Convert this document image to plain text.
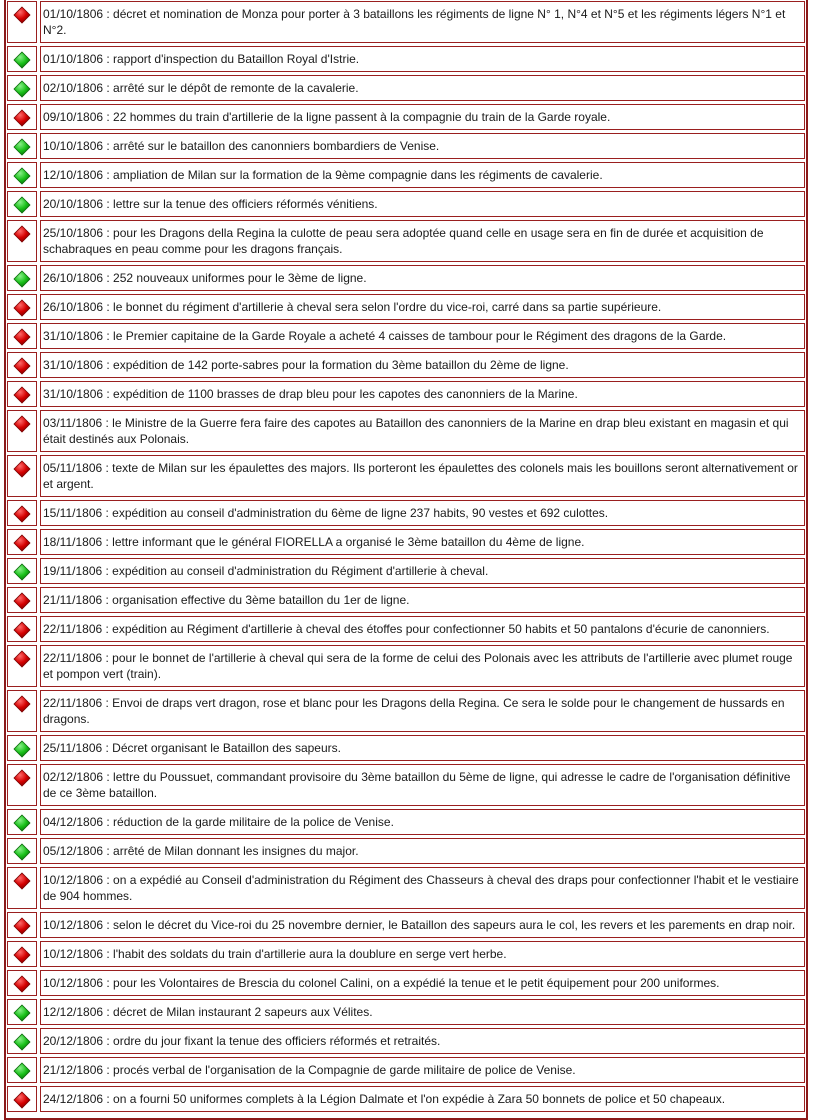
01/10/1806 : décret et nomination de Monza pour porter à 3 bataillons les régiments de ligne N° 1, N°4 et N°5 et les régiments légers N°1 et N°2.
01/10/1806 : rapport d'inspection du Bataillon Royal d'Istrie.
02/10/1806 : arrêté sur le dépôt de remonte de la cavalerie.
09/10/1806 : 22 hommes du train d'artillerie de la ligne passent à la compagnie du train de la Garde royale.
10/10/1806 : arrêté sur le bataillon des canonniers bombardiers de Venise.
12/10/1806 : ampliation de Milan sur la formation de la 9ème compagnie dans les régiments de cavalerie.
20/10/1806 : lettre sur la tenue des officiers réformés vénitiens.
25/10/1806 : pour les Dragons della Regina la culotte de peau sera adoptée quand celle en usage sera en fin de durée et acquisition de schabraques en peau comme pour les dragons français.
26/10/1806 : 252 nouveaux uniformes pour le 3ème de ligne.
26/10/1806 : le bonnet du régiment d'artillerie à cheval sera selon l'ordre du vice-roi, carré dans sa partie supérieure.
31/10/1806 : le Premier capitaine de la Garde Royale a acheté 4 caisses de tambour pour le Régiment des dragons de la Garde.
31/10/1806 : expédition de 142 porte-sabres pour la formation du 3ème bataillon du 2ème de ligne.
31/10/1806 : expédition de 1100 brasses de drap bleu pour les capotes des canonniers de la Marine.
03/11/1806 : le Ministre de la Guerre fera faire des capotes au Bataillon des canonniers de la Marine en drap bleu existant en magasin et qui était destinés aux Polonais.
05/11/1806 : texte de Milan sur les épaulettes des majors. Ils porteront les épaulettes des colonels mais les bouillons seront alternativement or et argent.
15/11/1806 : expédition au conseil d'administration du 6ème de ligne 237 habits, 90 vestes et 692 culottes.
18/11/1806 : lettre informant que le général FIORELLA a organisé le 3ème bataillon du 4ème de ligne.
19/11/1806 : expédition au conseil d'administration du Régiment d'artillerie à cheval.
21/11/1806 : organisation effective du 3ème bataillon du 1er de ligne.
22/11/1806 : expédition au Régiment d'artillerie à cheval des étoffes pour confectionner 50 habits et 50 pantalons d'écurie de canonniers.
22/11/1806 : pour le bonnet de l'artillerie à cheval qui sera de la forme de celui des Polonais avec les attributs de l'artillerie avec plumet rouge et pompon vert (train).
22/11/1806 : Envoi de draps vert dragon, rose et blanc pour les Dragons della Regina. Ce sera le solde pour le changement de hussards en dragons.
25/11/1806 : Décret organisant le Bataillon des sapeurs.
02/12/1806 : lettre du Poussuet, commandant provisoire du 3ème bataillon du 5ème de ligne, qui adresse le cadre de l'organisation définitive de ce 3ème bataillon.
04/12/1806 : réduction de la garde militaire de la police de Venise.
05/12/1806 : arrêté de Milan donnant les insignes du major.
10/12/1806 : on a expédié au Conseil d'administration du Régiment des Chasseurs à cheval des draps pour confectionner l'habit et le vestiaire de 904 hommes.
10/12/1806 : selon le décret du Vice-roi du 25 novembre dernier, le Bataillon des sapeurs aura le col, les revers et les parements en drap noir.
10/12/1806 : l'habit des soldats du train d'artillerie aura la doublure en serge vert herbe.
10/12/1806 : pour les Volontaires de Brescia du colonel Calini, on a expédié la tenue et le petit équipement pour 200 uniformes.
12/12/1806 : décret de Milan instaurant 2 sapeurs aux Vélites.
20/12/1806 : ordre du jour fixant la tenue des officiers réformés et retraités.
21/12/1806 : procés verbal de l'organisation de la Compagnie de garde militaire de police de Venise.
24/12/1806 : on a fourni 50 uniformes complets à la Légion Dalmate et l'on expédie à Zara 50 bonnets de police et 50 chapeaux.
